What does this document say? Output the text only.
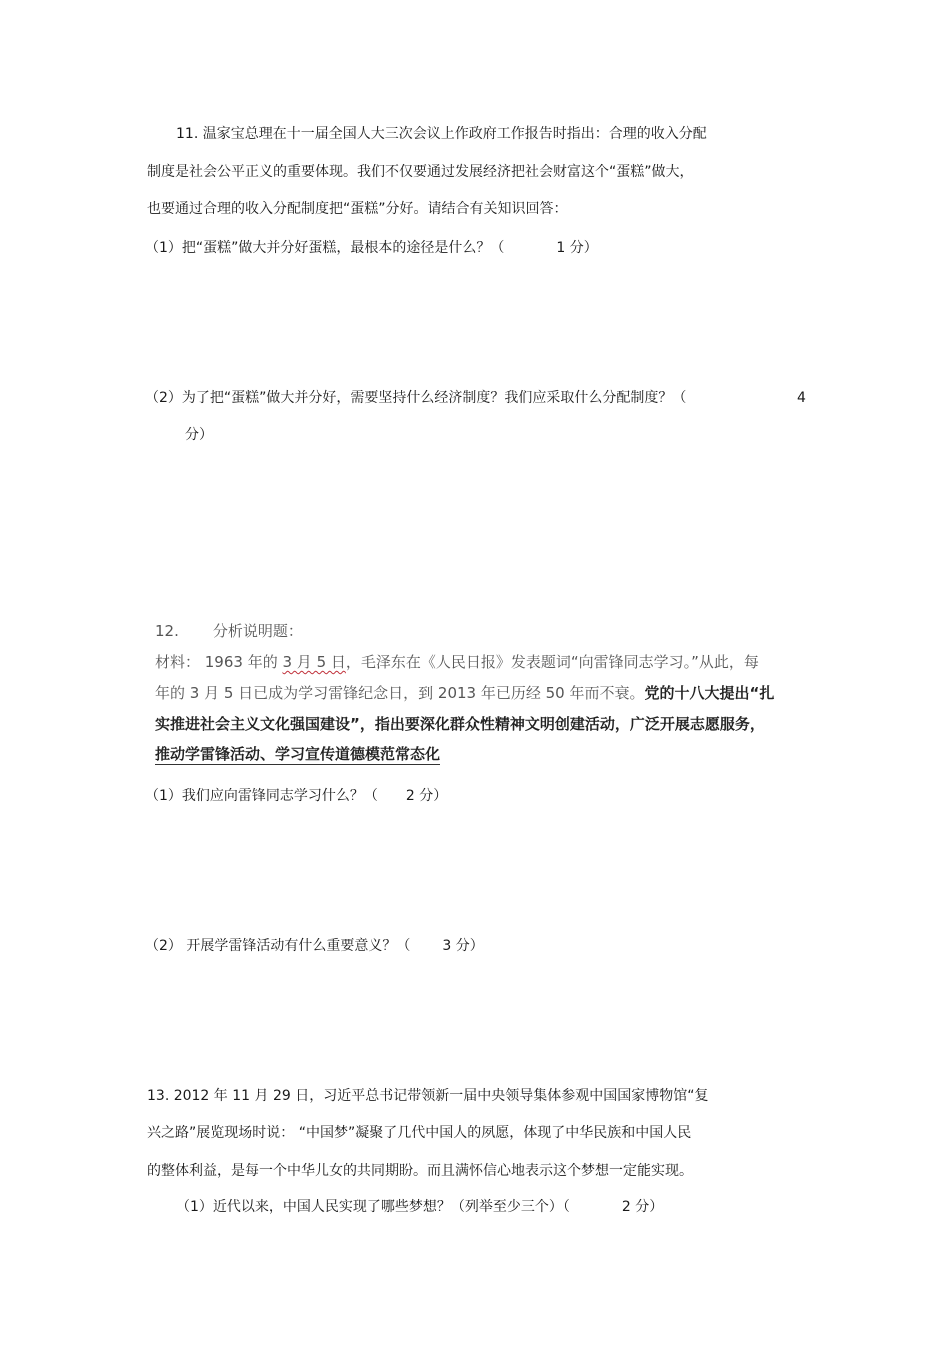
11. 温家宝总理在十一届全国人大三次会议上作政府工作报告时指出：合理的收入分配
制度是社会公平正义的重要体现。我们不仅要通过发展经济把社会财富这个“蛋糕”做大，
也要通过合理的收入分配制度把“蛋糕”分好。请结合有关知识回答：
（1）把“蛋糕”做大并分好蛋糕，最根本的途径是什么？（	1 分）
（2）为了把“蛋糕”做大并分好，需要坚持什么经济制度？我们应采取什么分配制度？（	4
分）
12. 分析说明题：
材料： 1963 年的 3 月 5 日，毛泽东在《人民日报》发表题词“向雷锋同志学习。”从此，每
年的 3 月 5 日已成为学习雷锋纪念日，到 2013 年已历经 50 年而不衰。党的十八大提出“扎
实推进社会主义文化强国建设”，指出要深化群众性精神文明创建活动，广泛开展志愿服务，
推动学雷锋活动、学习宣传道德模范常态化
（1）我们应向雷锋同志学习什么？（ 2 分）
（2） 开展学雷锋活动有什么重要意义？（ 3 分）
13. 2012 年 11 月 29 日，习近平总书记带领新一届中央领导集体参观中国国家博物馆“复
兴之路”展览现场时说： “中国梦”凝聚了几代中国人的夙愿，体现了中华民族和中国人民
的整体利益，是每一个中华儿女的共同期盼。而且满怀信心地表示这个梦想一定能实现。
（1）近代以来，中国人民实现了哪些梦想？（列举至少三个）（	2 分）
